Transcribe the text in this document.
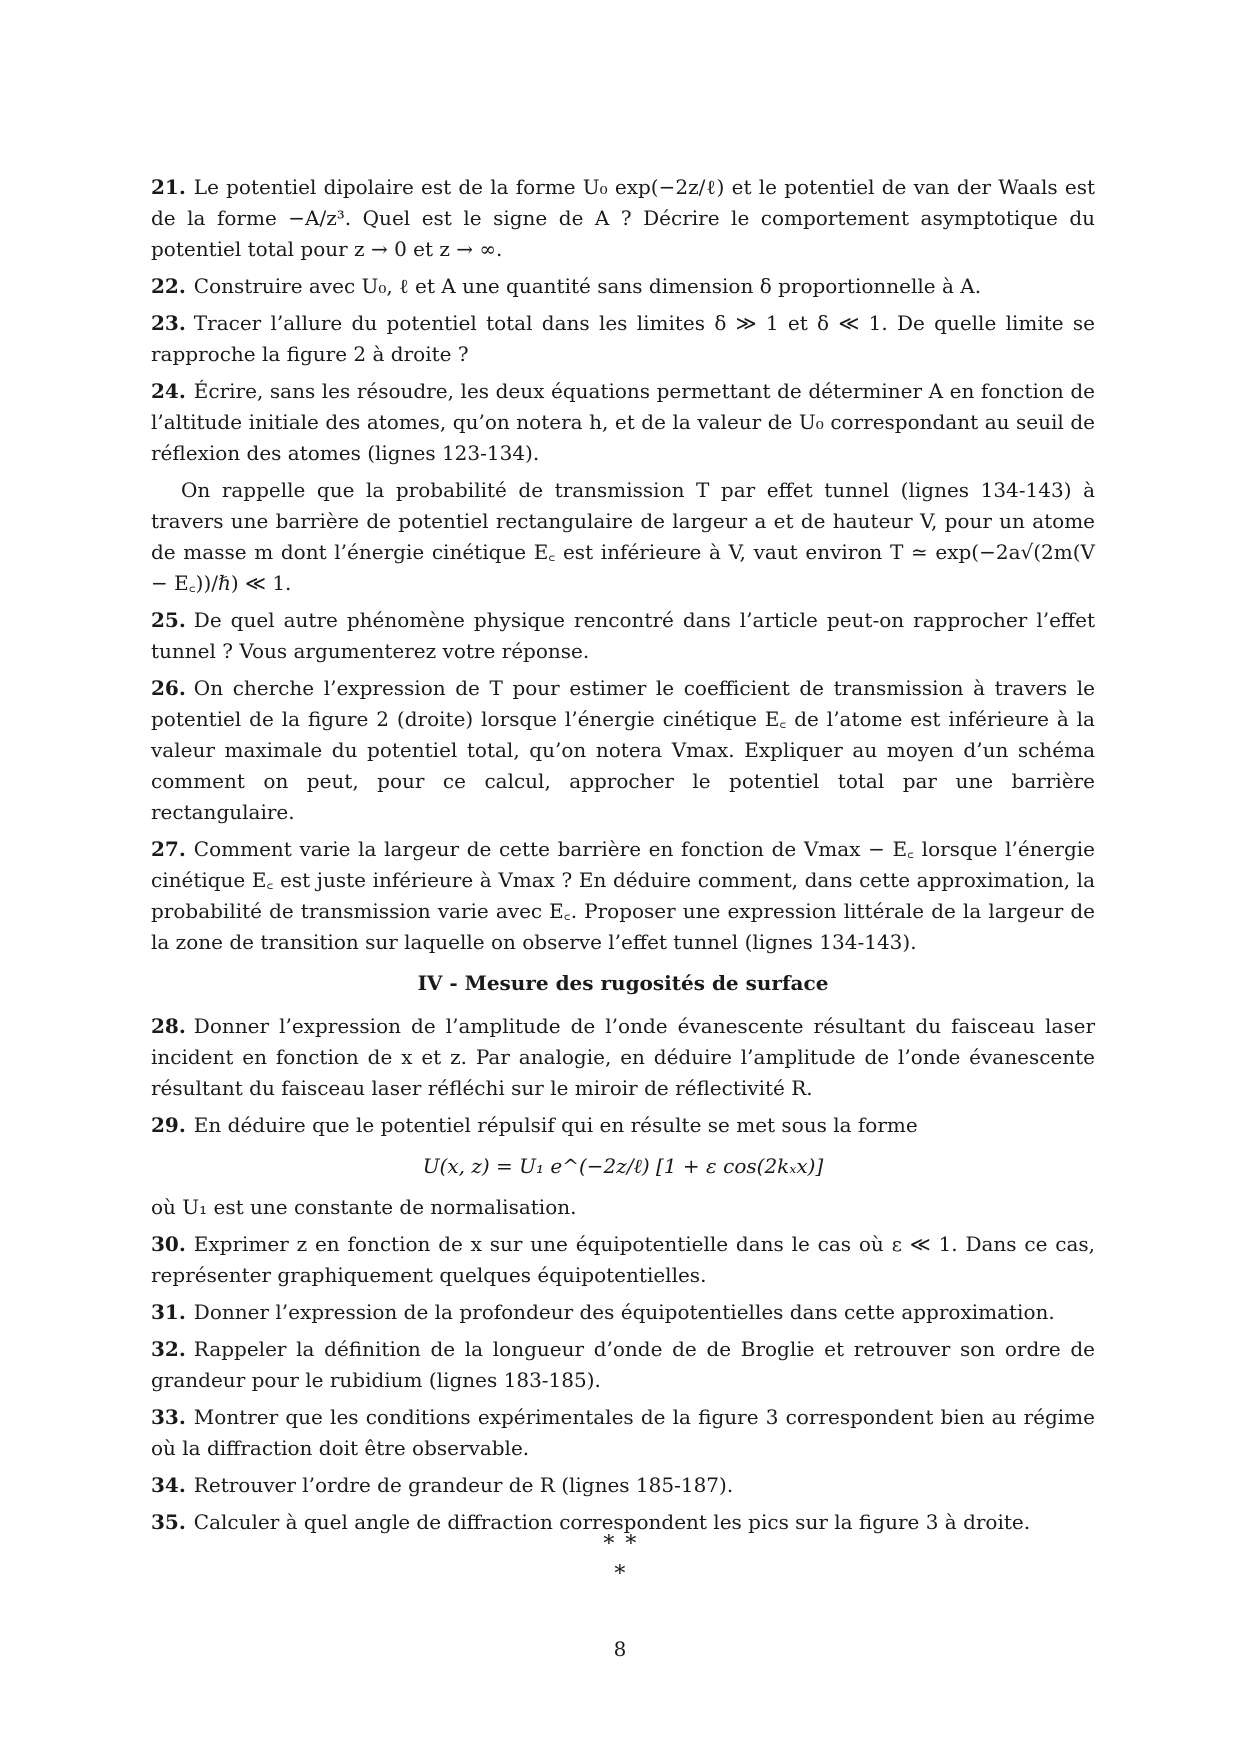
21. Le potentiel dipolaire est de la forme U₀ exp(−2z/ℓ) et le potentiel de van der Waals est de la forme −A/z³. Quel est le signe de A ? Décrire le comportement asymptotique du potentiel total pour z → 0 et z → ∞.

22. Construire avec U₀, ℓ et A une quantité sans dimension δ proportionnelle à A.

23. Tracer l’allure du potentiel total dans les limites δ ≫ 1 et δ ≪ 1. De quelle limite se rapproche la figure 2 à droite ?

24. Écrire, sans les résoudre, les deux équations permettant de déterminer A en fonction de l’altitude initiale des atomes, qu’on notera h, et de la valeur de U₀ correspondant au seuil de réflexion des atomes (lignes 123-134).

On rappelle que la probabilité de transmission T par effet tunnel (lignes 134-143) à travers une barrière de potentiel rectangulaire de largeur a et de hauteur V, pour un atome de masse m dont l’énergie cinétique E꜀ est inférieure à V, vaut environ T ≃ exp(−2a√(2m(V − E꜀))/ℏ) ≪ 1.

25. De quel autre phénomène physique rencontré dans l’article peut-on rapprocher l’effet tunnel ? Vous argumenterez votre réponse.

26. On cherche l’expression de T pour estimer le coefficient de transmission à travers le potentiel de la figure 2 (droite) lorsque l’énergie cinétique E꜀ de l’atome est inférieure à la valeur maximale du potentiel total, qu’on notera Vmax. Expliquer au moyen d’un schéma comment on peut, pour ce calcul, approcher le potentiel total par une barrière rectangulaire.

27. Comment varie la largeur de cette barrière en fonction de Vmax − E꜀ lorsque l’énergie cinétique E꜀ est juste inférieure à Vmax ? En déduire comment, dans cette approximation, la probabilité de transmission varie avec E꜀. Proposer une expression littérale de la largeur de la zone de transition sur laquelle on observe l’effet tunnel (lignes 134-143).

IV - Mesure des rugosités de surface

28. Donner l’expression de l’amplitude de l’onde évanescente résultant du faisceau laser incident en fonction de x et z. Par analogie, en déduire l’amplitude de l’onde évanescente résultant du faisceau laser réfléchi sur le miroir de réflectivité R.

29. En déduire que le potentiel répulsif qui en résulte se met sous la forme

U(x, z) = U₁ e^(−2z/ℓ) [1 + ε cos(2kₓx)]

où U₁ est une constante de normalisation.

30. Exprimer z en fonction de x sur une équipotentielle dans le cas où ε ≪ 1. Dans ce cas, représenter graphiquement quelques équipotentielles.

31. Donner l’expression de la profondeur des équipotentielles dans cette approximation.

32. Rappeler la définition de la longueur d’onde de de Broglie et retrouver son ordre de grandeur pour le rubidium (lignes 183-185).

33. Montrer que les conditions expérimentales de la figure 3 correspondent bien au régime où la diffraction doit être observable.

34. Retrouver l’ordre de grandeur de R (lignes 185-187).

35. Calculer à quel angle de diffraction correspondent les pics sur la figure 3 à droite.

∗ ∗
∗
8
